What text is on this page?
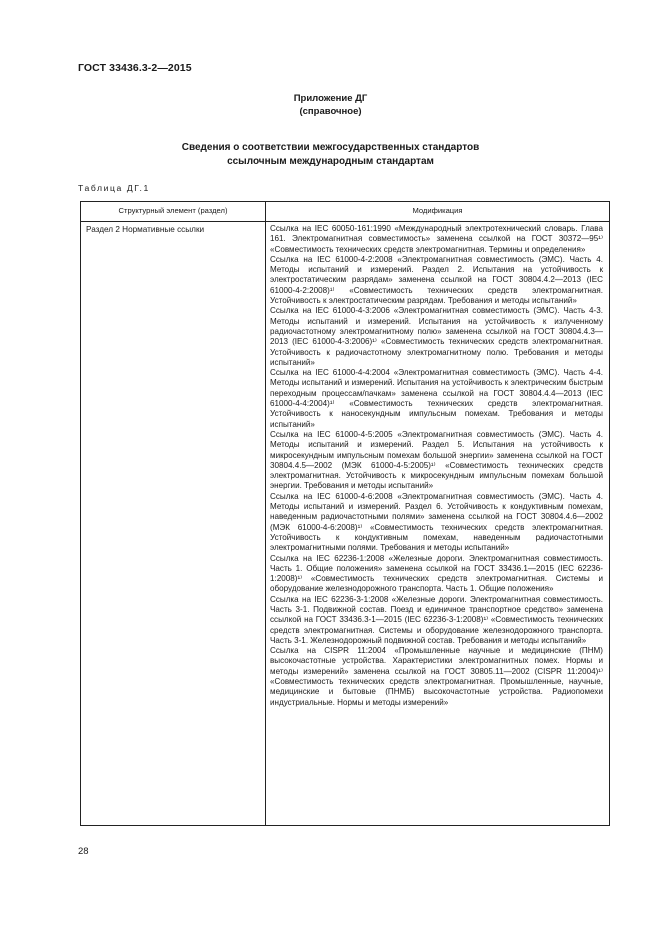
ГОСТ 33436.3-2—2015
Приложение ДГ
(справочное)
Сведения о соответствии межгосударственных стандартов
ссылочным международным стандартам
Таблица ДГ.1
Структурный элемент (раздел)	Модификация
Раздел 2 Нормативные ссылки	Ссылка на IEC 60050-161:1990 «Международный электротехнический словарь. Глава 161. Электромагнитная совместимость» заменена ссылкой на ГОСТ 30372—95¹⁾ «Совместимость технических средств электромагнитная. Термины и определения»

Ссылка на IEC 61000-4-2:2008 «Электромагнитная совместимость (ЭМС). Часть 4. Методы испытаний и измерений. Раздел 2. Испытания на устойчивость к электростатическим разрядам» заменена ссылкой на ГОСТ 30804.4.2—2013 (IEC 61000-4-2:2008)¹⁾ «Совместимость технических средств электромагнитная. Устойчивость к электростатическим разрядам. Требования и методы испытаний»

Ссылка на IEC 61000-4-3:2006 «Электромагнитная совместимость (ЭМС). Часть 4-3. Методы испытаний и измерений. Испытания на устойчивость к излученному радиочастотному электромагнитному полю» заменена ссылкой на ГОСТ 30804.4.3—2013 (IEC 61000-4-3:2006)¹⁾ «Совместимость технических средств электромагнитная. Устойчивость к радиочастотному электромагнитному полю. Требования и методы испытаний»

Ссылка на IEC 61000-4-4:2004 «Электромагнитная совместимость (ЭМС). Часть 4-4. Методы испытаний и измерений. Испытания на устойчивость к электрическим быстрым переходным процессам/пачкам» заменена ссылкой на ГОСТ 30804.4.4—2013 (IEC 61000-4-4:2004)¹⁾ «Совместимость технических средств электромагнитная. Устойчивость к наносекундным импульсным помехам. Требования и методы испытаний»

Ссылка на IEC 61000-4-5:2005 «Электромагнитная совместимость (ЭМС). Часть 4. Методы испытаний и измерений. Раздел 5. Испытания на устойчивость к микросекундным импульсным помехам большой энергии» заменена ссылкой на ГОСТ 30804.4.5—2002 (МЭК 61000-4-5:2005)¹⁾ «Совместимость технических средств электромагнитная. Устойчивость к микросекундным импульсным помехам большой энергии. Требования и методы испытаний»

Ссылка на IEC 61000-4-6:2008 «Электромагнитная совместимость (ЭМС). Часть 4. Методы испытаний и измерений. Раздел 6. Устойчивость к кондуктивным помехам, наведенным радиочастотными полями» заменена ссылкой на ГОСТ 30804.4.6—2002 (МЭК 61000-4-6:2008)¹⁾ «Совместимость технических средств электромагнитная. Устойчивость к кондуктивным помехам, наведенным радиочастотными электромагнитными полями. Требования и методы испытаний»

Ссылка на IEC 62236-1:2008 «Железные дороги. Электромагнитная совместимость. Часть 1. Общие положения» заменена ссылкой на ГОСТ 33436.1—2015 (IEC 62236-1:2008)¹⁾ «Совместимость технических средств электромагнитная. Системы и оборудование железнодорожного транспорта. Часть 1. Общие положения»

Ссылка на IEC 62236-3-1:2008 «Железные дороги. Электромагнитная совместимость. Часть 3-1. Подвижной состав. Поезд и единичное транспортное средство» заменена ссылкой на ГОСТ 33436.3-1—2015 (IEC 62236-3-1:2008)¹⁾ «Совместимость технических средств электромагнитная. Системы и оборудование железнодорожного транспорта. Часть 3-1. Железнодорожный подвижной состав. Требования и методы испытаний»

Ссылка на CISPR 11:2004 «Промышленные научные и медицинские (ПНМ) высокочастотные устройства. Характеристики электромагнитных помех. Нормы и методы измерений» заменена ссылкой на ГОСТ 30805.11—2002 (CISPR 11:2004)¹⁾ «Совместимость технических средств электромагнитная. Промышленные, научные, медицинские и бытовые (ПНМБ) высокочастотные устройства. Радиопомехи индустриальные. Нормы и методы измерений»

28
